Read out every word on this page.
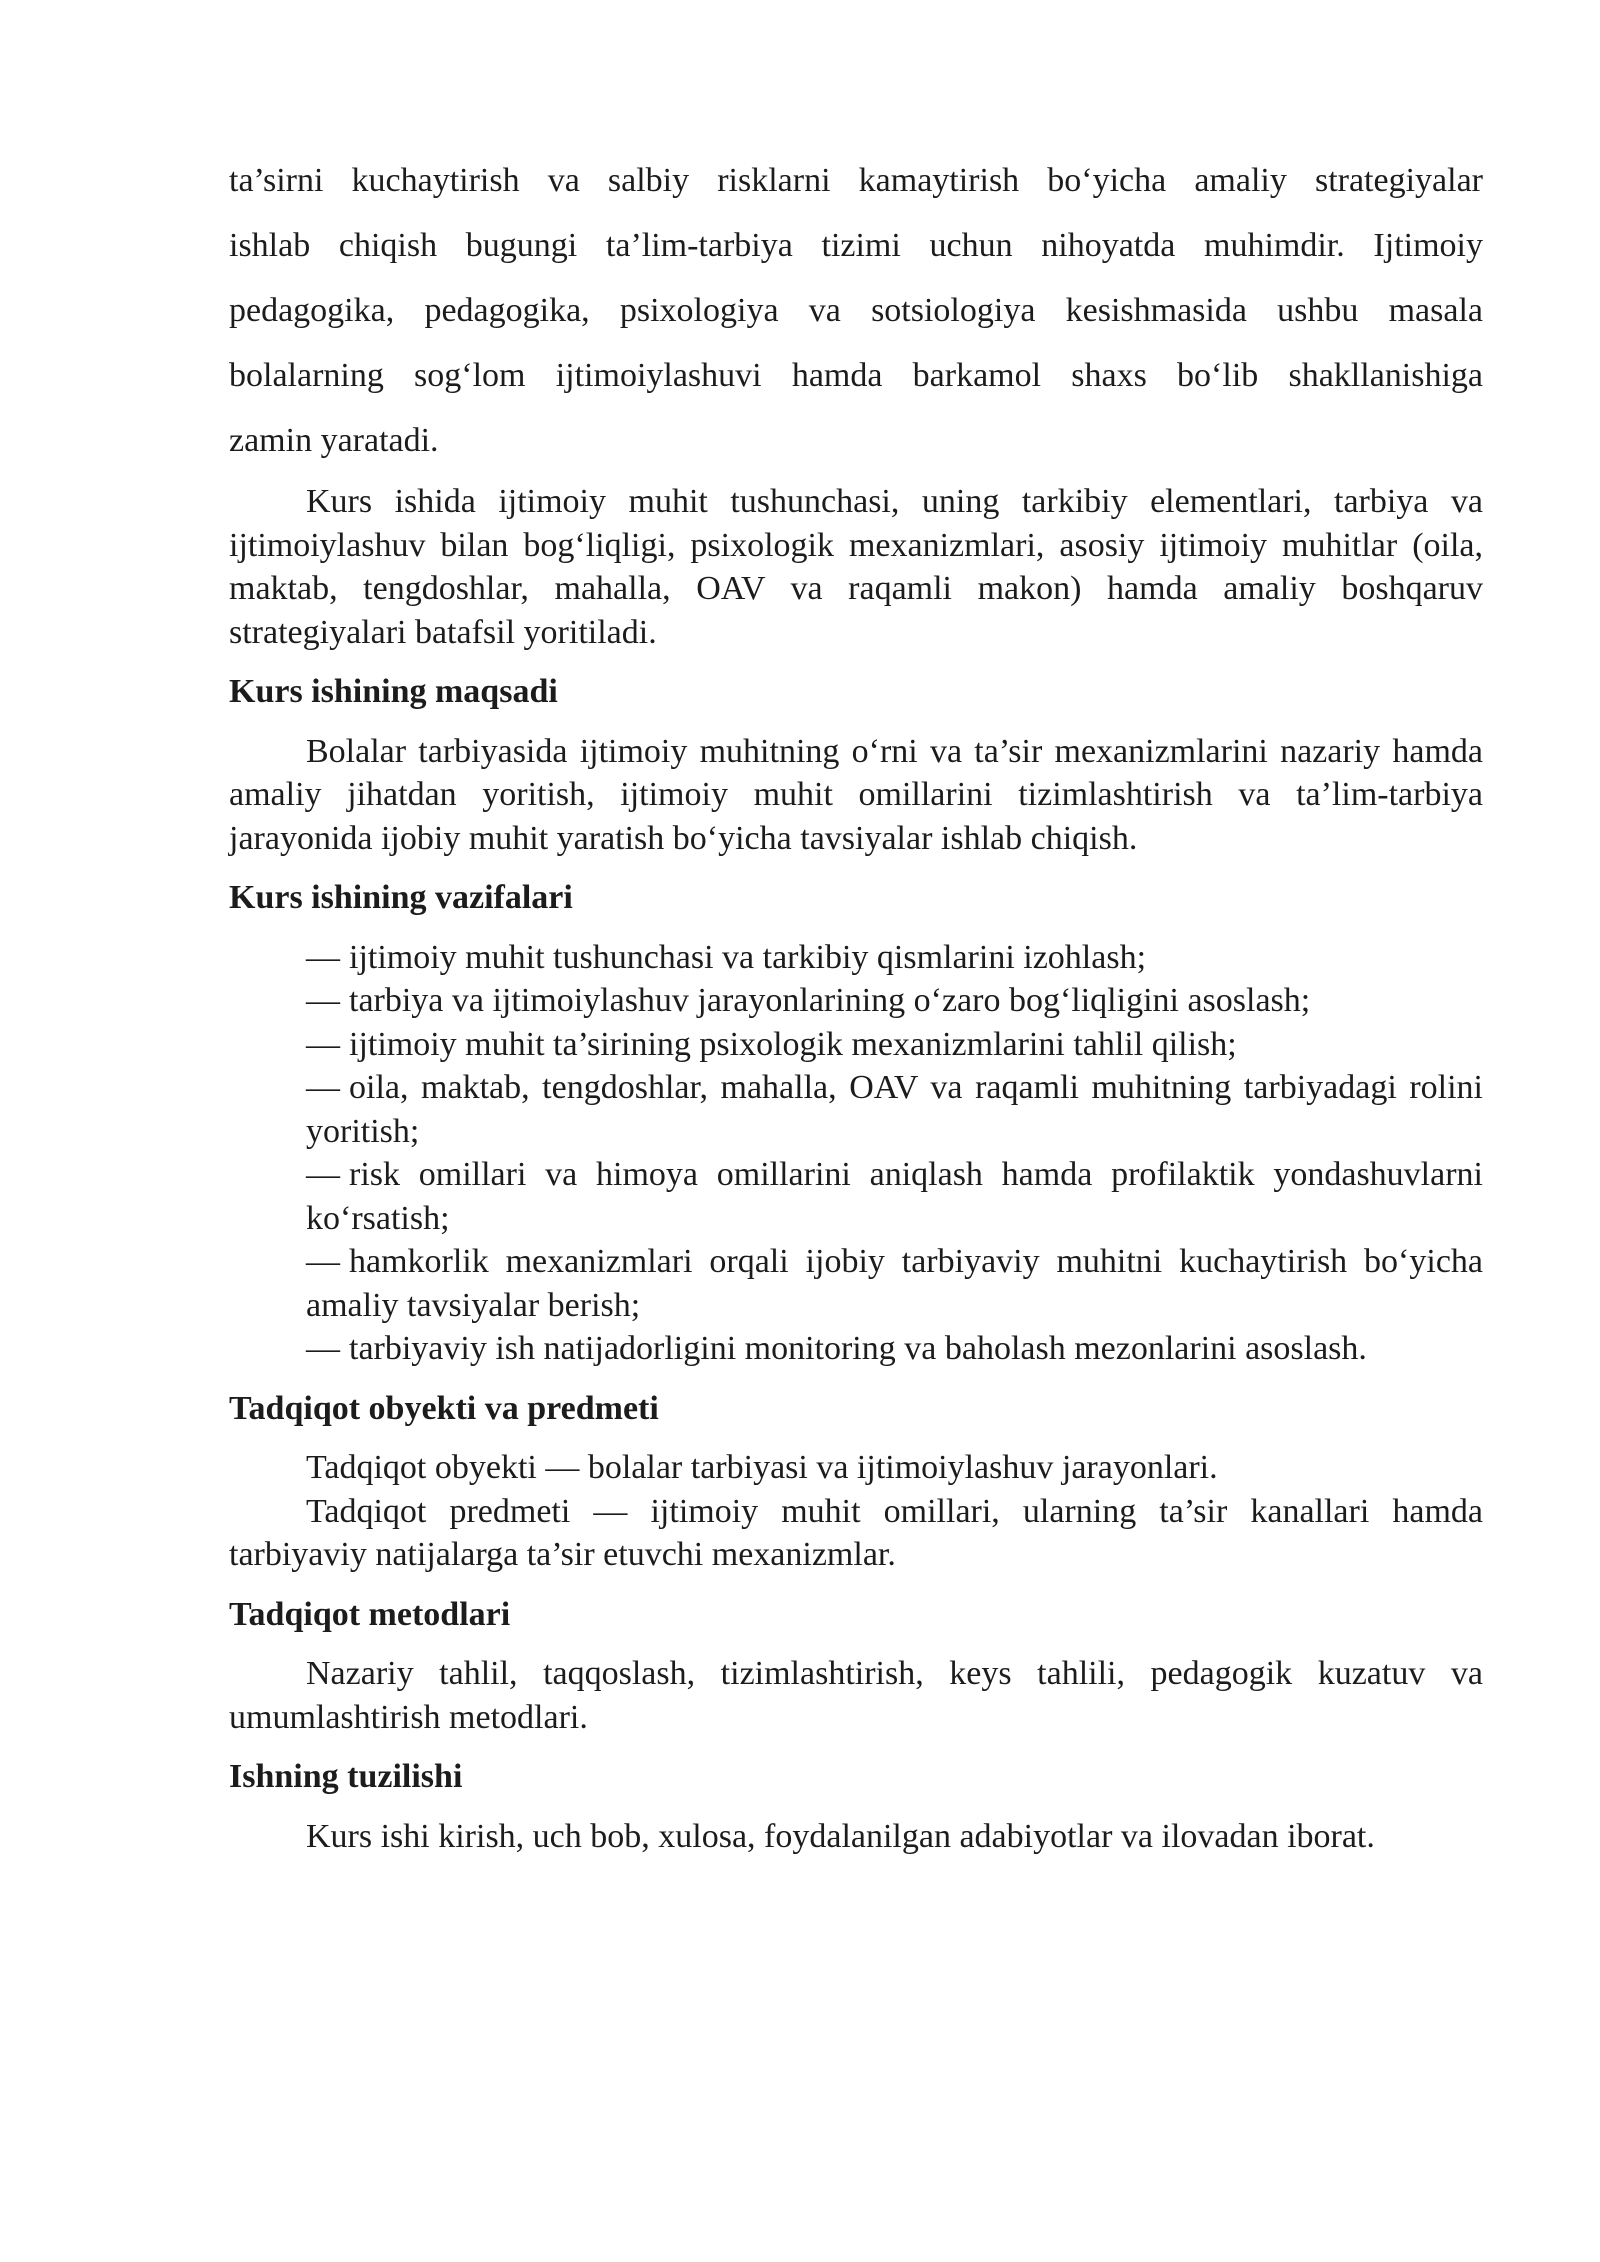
ta’sirni kuchaytirish va salbiy risklarni kamaytirish bo‘yicha amaliy strategiyalar

ishlab chiqish bugungi ta’lim-tarbiya tizimi uchun nihoyatda muhimdir. Ijtimoiy

pedagogika, pedagogika, psixologiya va sotsiologiya kesishmasida ushbu masala

bolalarning sog‘lom ijtimoiylashuvi hamda barkamol shaxs bo‘lib shakllanishiga

zamin yaratadi.

Kurs ishida ijtimoiy muhit tushunchasi, uning tarkibiy elementlari, tarbiya va ijtimoiylashuv bilan bog‘liqligi, psixologik mexanizmlari, asosiy ijtimoiy muhitlar (oila, maktab, tengdoshlar, mahalla, OAV va raqamli makon) hamda amaliy boshqaruv strategiyalari batafsil yoritiladi.

Kurs ishining maqsadi

Bolalar tarbiyasida ijtimoiy muhitning o‘rni va ta’sir mexanizmlarini nazariy hamda amaliy jihatdan yoritish, ijtimoiy muhit omillarini tizimlashtirish va ta’lim-tarbiya jarayonida ijobiy muhit yaratish bo‘yicha tavsiyalar ishlab chiqish.

Kurs ishining vazifalari
— ijtimoiy muhit tushunchasi va tarkibiy qismlarini izohlash;
— tarbiya va ijtimoiylashuv jarayonlarining o‘zaro bog‘liqligini asoslash;
— ijtimoiy muhit ta’sirining psixologik mexanizmlarini tahlil qilish;
— oila, maktab, tengdoshlar, mahalla, OAV va raqamli muhitning tarbiyadagi rolini yoritish;
— risk omillari va himoya omillarini aniqlash hamda profilaktik yondashuvlarni ko‘rsatish;
— hamkorlik mexanizmlari orqali ijobiy tarbiyaviy muhitni kuchaytirish bo‘yicha amaliy tavsiyalar berish;
— tarbiyaviy ish natijadorligini monitoring va baholash mezonlarini asoslash.
Tadqiqot obyekti va predmeti

Tadqiqot obyekti — bolalar tarbiyasi va ijtimoiylashuv jarayonlari.

Tadqiqot predmeti — ijtimoiy muhit omillari, ularning ta’sir kanallari hamda tarbiyaviy natijalarga ta’sir etuvchi mexanizmlar.

Tadqiqot metodlari

Nazariy tahlil, taqqoslash, tizimlashtirish, keys tahlili, pedagogik kuzatuv va umumlashtirish metodlari.

Ishning tuzilishi

Kurs ishi kirish, uch bob, xulosa, foydalanilgan adabiyotlar va ilovadan iborat.
